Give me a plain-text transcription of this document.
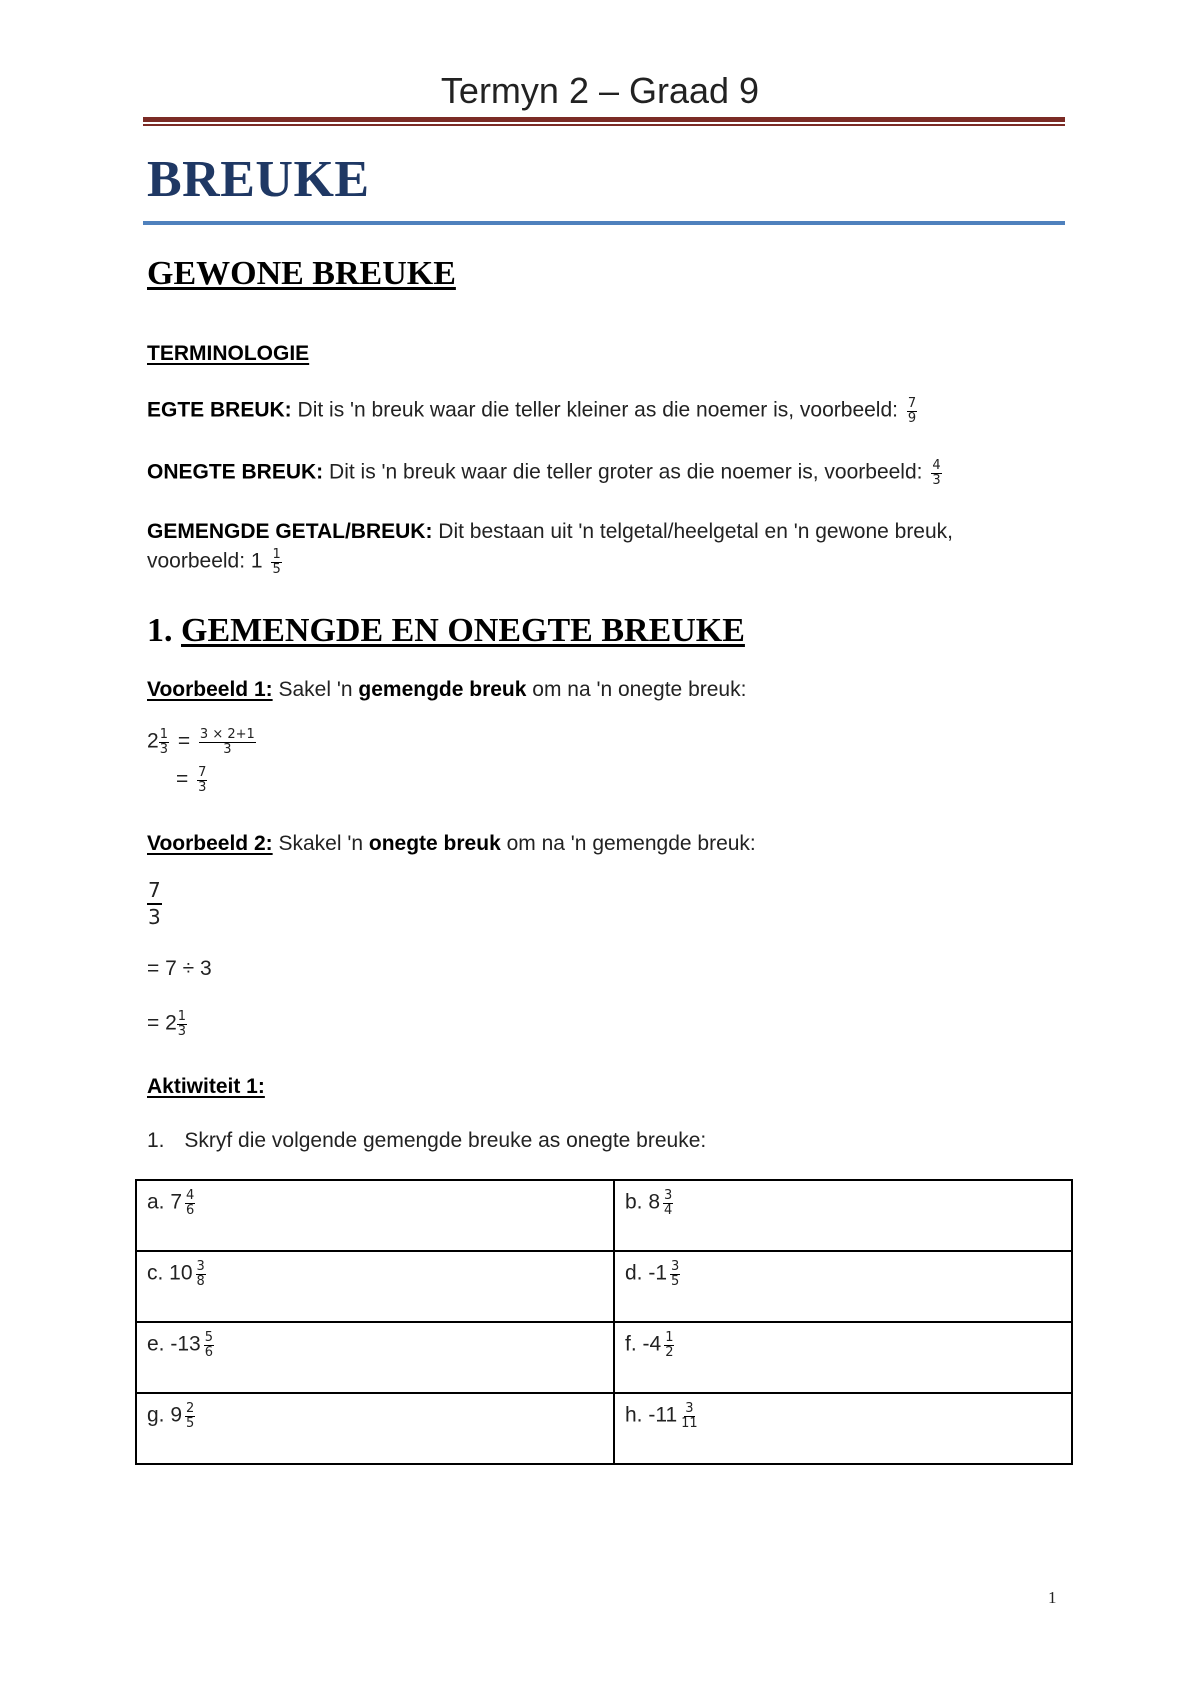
Termyn 2 – Graad 9
BREUKE
GEWONE BREUKE
TERMINOLOGIE
EGTE BREUK: Dit is 'n breuk waar die teller kleiner as die noemer is, voorbeeld: $\frac{7}{9}$
ONEGTE BREUK: Dit is 'n breuk waar die teller groter as die noemer is, voorbeeld: $\frac{4}{3}$
GEMENGDE GETAL/BREUK: Dit bestaan uit 'n telgetal/heelgetal en 'n gewone breuk,
voorbeeld: $1 \frac{1}{5}$
1. GEMENGDE EN ONEGTE BREUKE
Voorbeeld 1: Sakel 'n gemengde breuk om na 'n onegte breuk:
$2 \frac{1}{3} = \frac{3 \times 2+1}{3}$
= $\frac{7}{3}$
Voorbeeld 2: Skakel 'n onegte breuk om na 'n gemengde breuk:
$\frac{7}{3}$
= 7 ÷ 3
= $2 \frac{1}{3}$
Aktiwiteit 1:
1. Skryf die volgende gemengde breuke as onegte breuke:
a. $7 \frac{4}{6}$	b. $8 \frac{3}{4}$

c. $10 \frac{3}{8}$	d. $-1 \frac{3}{5}$

e. $-13 \frac{5}{6}$	f. $-4 \frac{1}{2}$

g. $9 \frac{2}{5}$	h. $-11 \frac{3}{11}$
1
